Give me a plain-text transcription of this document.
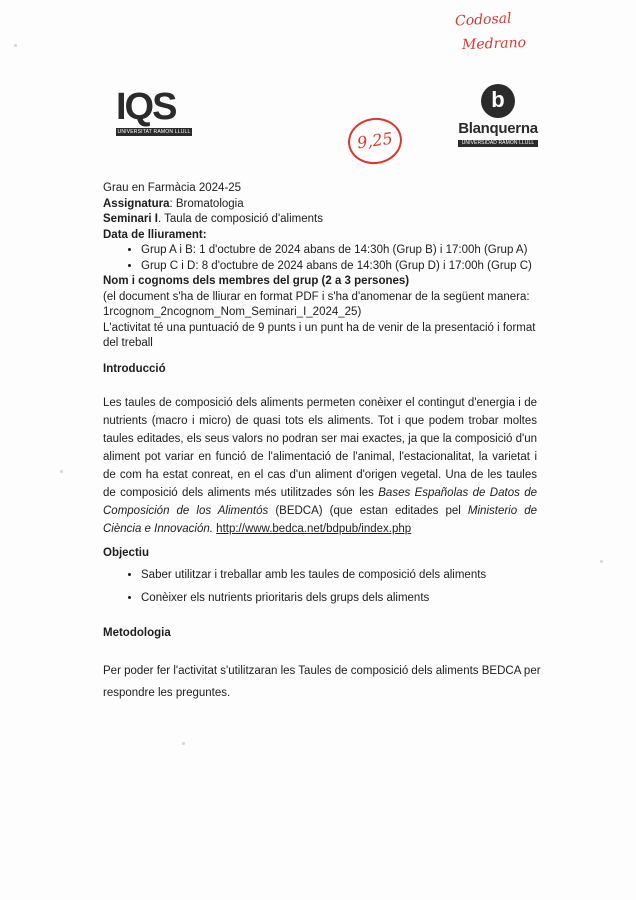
Codosal
Medrano
IQS
UNIVERSITAT RAMON LLULL	9,25
b
Blanquerna
UNIVERSIDAD RAMON LLULL

Grau en Farmàcia 2024-25

Assignatura: Bromatologia

Seminari I. Taula de composició d'aliments

Data de lliurament:

• Grup A i B: 1 d'octubre de 2024 abans de 14:30h (Grup B) i 17:00h (Grup A)
• Grup C i D: 8 d'octubre de 2024 abans de 14:30h (Grup D) i 17:00h (Grup C)

Nom i cognoms dels membres del grup (2 a 3 persones)

(el document s'ha de lliurar en format PDF i s'ha d'anomenar de la següent manera: 1rcognom_2ncognom_Nom_Seminari_I_2024_25)

L'activitat té una puntuació de 9 punts i un punt ha de venir de la presentació i format del treball

Introducció
Les taules de composició dels aliments permeten conèixer el contingut d'energia i de nutrients (macro i micro) de quasi tots els aliments. Tot i que podem trobar moltes taules editades, els seus valors no podran ser mai exactes, ja que la composició d'un aliment pot variar en funció de l'alimentació de l'animal, l'estacionalitat, la varietat i de com ha estat conreat, en el cas d'un aliment d'origen vegetal. Una de les taules de composició dels aliments més utilitzades són les Bases Españolas de Datos de Composición de los Alimentós (BEDCA) (que estan editades pel Ministerio de Ciència e Innovación. http://www.bedca.net/bdpub/index.php
Objectiu
• Saber utilitzar i treballar amb les taules de composició dels aliments
• Conèixer els nutrients prioritaris dels grups dels aliments
Metodologia
Per poder fer l'activitat s'utilitzaran les Taules de composició dels aliments BEDCA per respondre les preguntes.
